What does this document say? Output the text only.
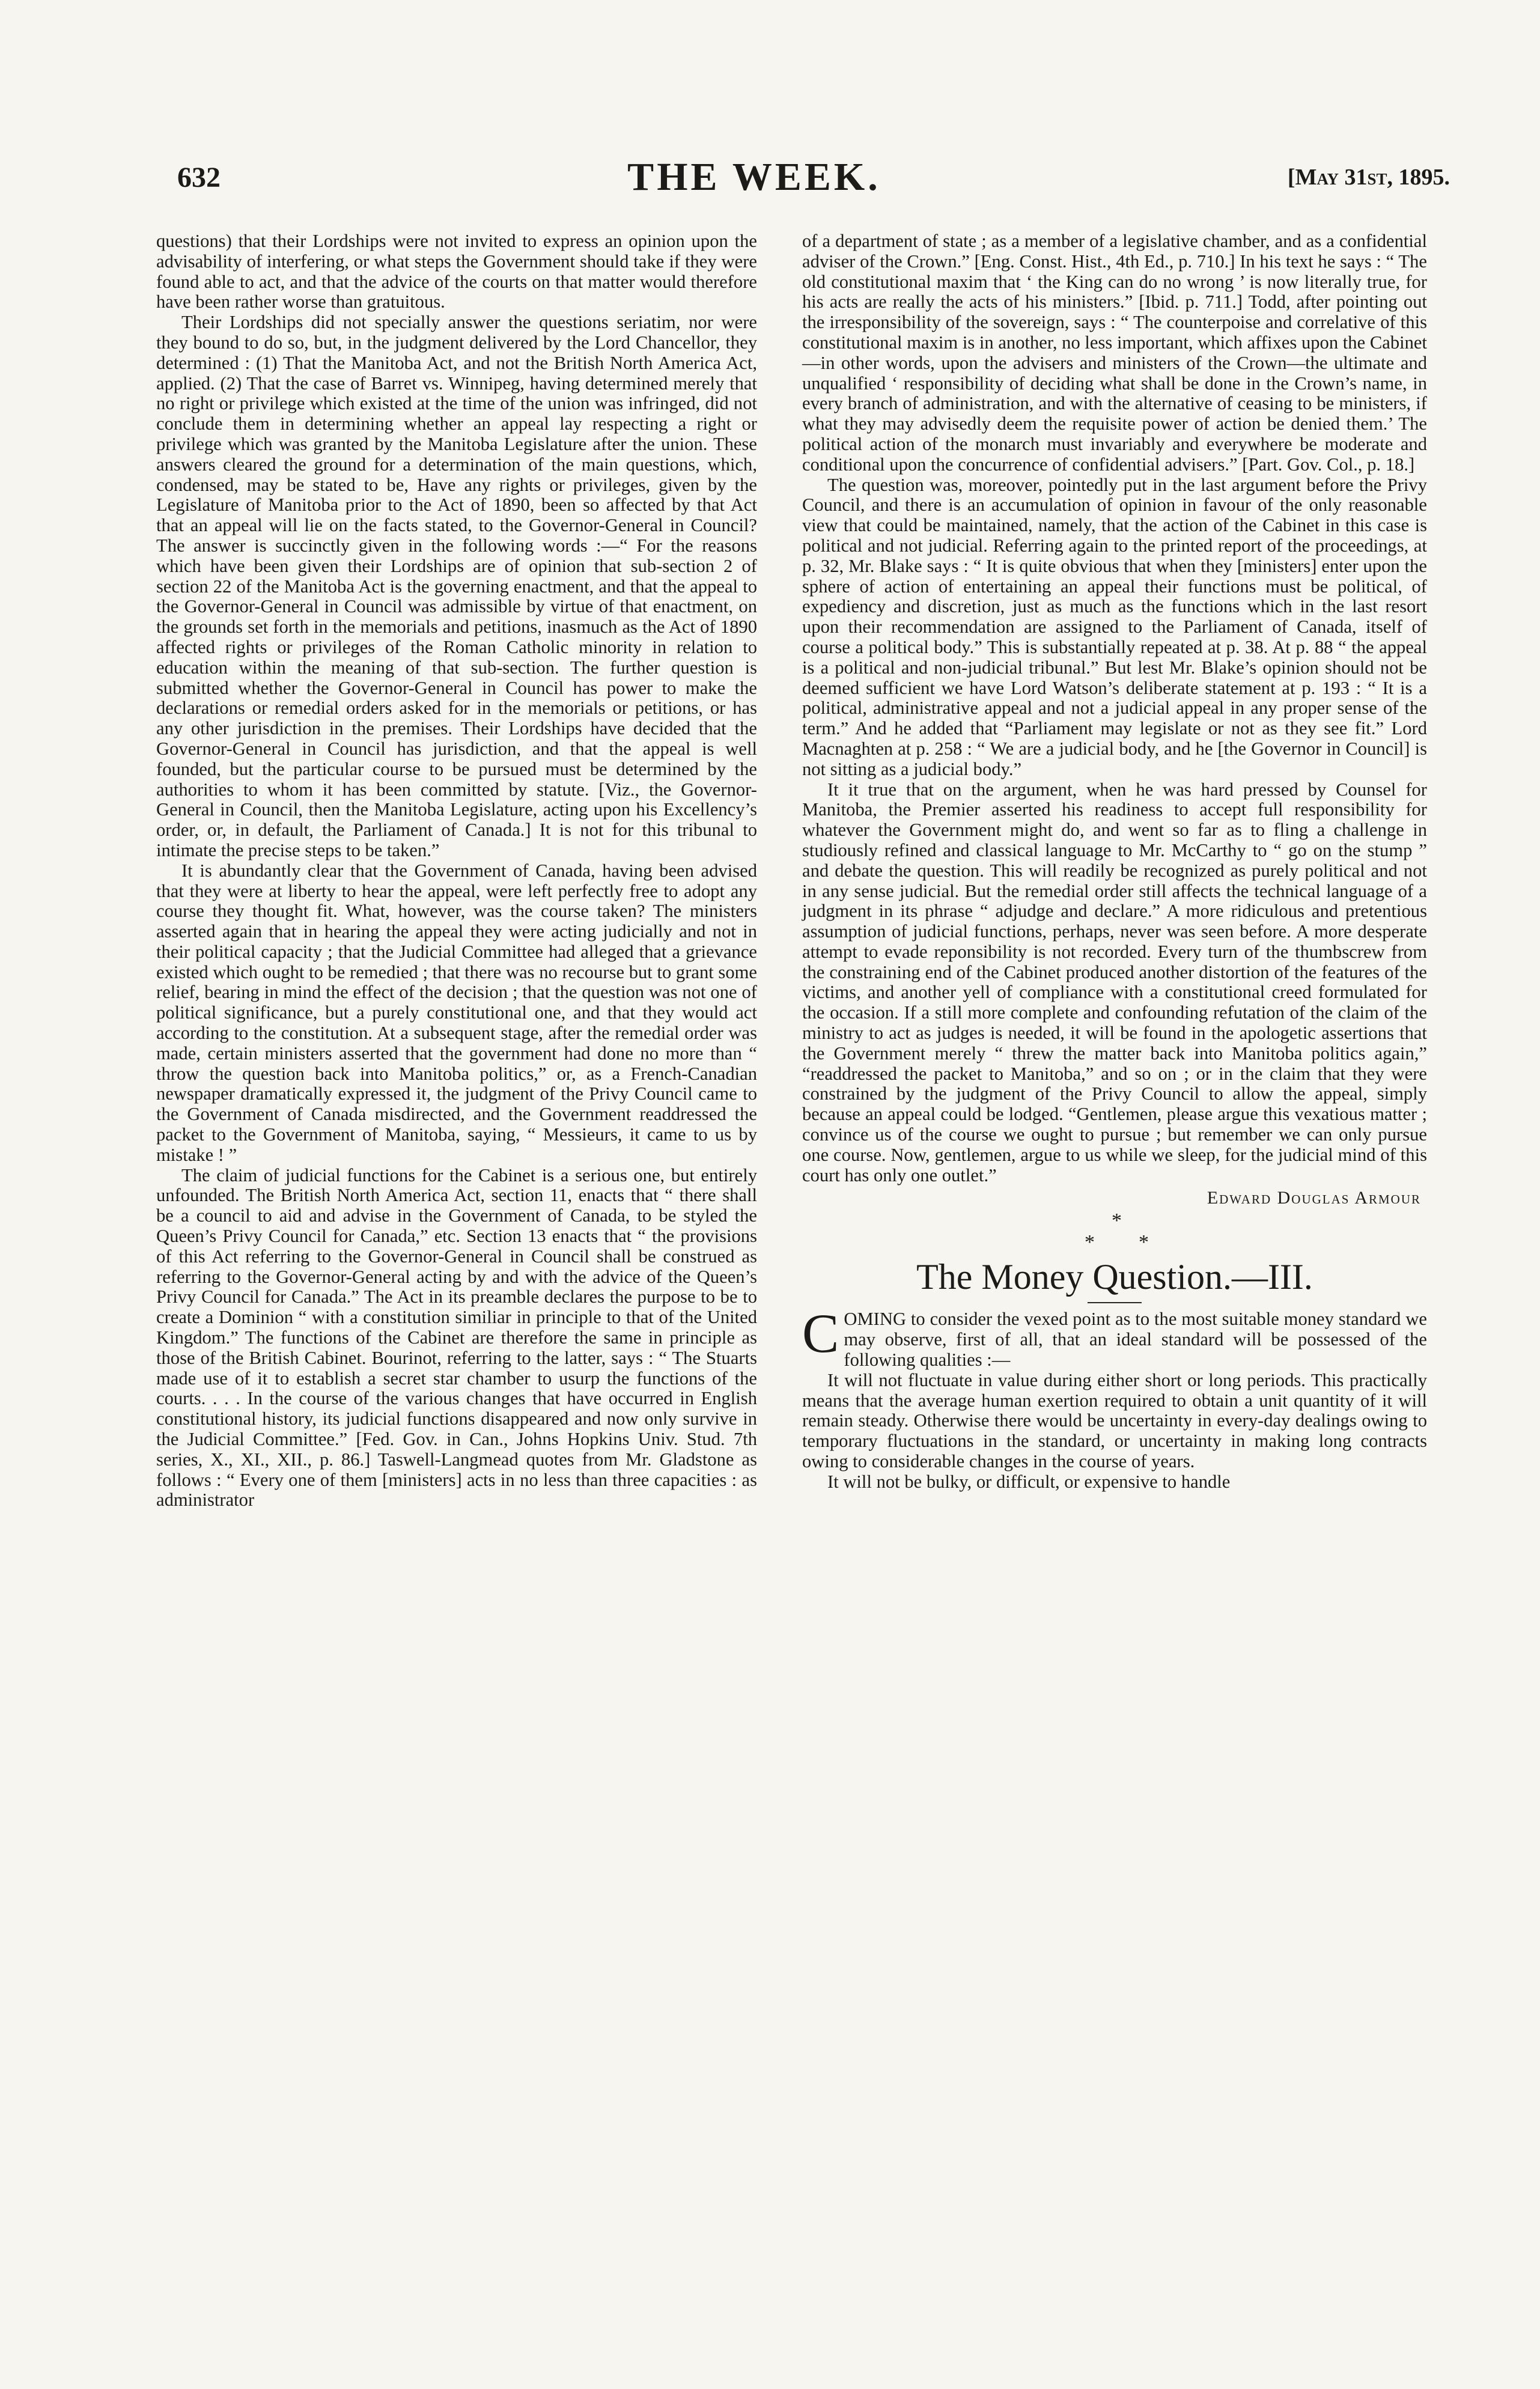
632	THE WEEK.	[May 31st, 1895.

questions) that their Lordships were not invited to express an opinion upon the advisability of interfering, or what steps the Government should take if they were found able to act, and that the advice of the courts on that matter would therefore have been rather worse than gratuitous.

Their Lordships did not specially answer the questions seriatim, nor were they bound to do so, but, in the judgment delivered by the Lord Chancellor, they determined : (1) That the Manitoba Act, and not the British North America Act, applied. (2) That the case of Barret vs. Winnipeg, having determined merely that no right or privilege which existed at the time of the union was infringed, did not conclude them in determining whether an appeal lay respecting a right or privilege which was granted by the Manitoba Legislature after the union. These answers cleared the ground for a determination of the main questions, which, condensed, may be stated to be, Have any rights or privileges, given by the Legislature of Manitoba prior to the Act of 1890, been so affected by that Act that an appeal will lie on the facts stated, to the Governor-General in Council? The answer is succinctly given in the following words :—“ For the reasons which have been given their Lordships are of opinion that sub-section 2 of section 22 of the Manitoba Act is the governing enactment, and that the appeal to the Governor-General in Council was admissible by virtue of that enactment, on the grounds set forth in the memorials and petitions, inasmuch as the Act of 1890 affected rights or privileges of the Roman Catholic minority in relation to education within the meaning of that sub-section. The further question is submitted whether the Governor-General in Council has power to make the declarations or remedial orders asked for in the memorials or petitions, or has any other jurisdiction in the premises. Their Lordships have decided that the Governor-General in Council has jurisdiction, and that the appeal is well founded, but the particular course to be pursued must be determined by the authorities to whom it has been committed by statute. [Viz., the Governor-General in Council, then the Manitoba Legislature, acting upon his Excellency’s order, or, in default, the Parliament of Canada.] It is not for this tribunal to intimate the precise steps to be taken.”

It is abundantly clear that the Government of Canada, having been advised that they were at liberty to hear the appeal, were left perfectly free to adopt any course they thought fit. What, however, was the course taken? The ministers asserted again that in hearing the appeal they were acting judicially and not in their political capacity ; that the Judicial Committee had alleged that a grievance existed which ought to be remedied ; that there was no recourse but to grant some relief, bearing in mind the effect of the decision ; that the question was not one of political significance, but a purely constitutional one, and that they would act according to the constitution. At a subsequent stage, after the remedial order was made, certain ministers asserted that the government had done no more than “ throw the question back into Manitoba politics,” or, as a French-Canadian newspaper dramatically expressed it, the judgment of the Privy Council came to the Government of Canada misdirected, and the Government readdressed the packet to the Government of Manitoba, saying, “ Messieurs, it came to us by mistake ! ”

The claim of judicial functions for the Cabinet is a serious one, but entirely unfounded. The British North America Act, section 11, enacts that “ there shall be a council to aid and advise in the Government of Canada, to be styled the Queen’s Privy Council for Canada,” etc. Section 13 enacts that “ the provisions of this Act referring to the Governor-General in Council shall be construed as referring to the Governor-General acting by and with the advice of the Queen’s Privy Council for Canada.” The Act in its preamble declares the purpose to be to create a Dominion “ with a constitution similiar in principle to that of the United Kingdom.” The functions of the Cabinet are therefore the same in principle as those of the British Cabinet. Bourinot, referring to the latter, says : “ The Stuarts made use of it to establish a secret star chamber to usurp the functions of the courts. . . . In the course of the various changes that have occurred in English constitutional history, its judicial functions disappeared and now only survive in the Judicial Committee.” [Fed. Gov. in Can., Johns Hopkins Univ. Stud. 7th series, X., XI., XII., p. 86.] Taswell-Langmead quotes from Mr. Gladstone as follows : “ Every one of them [ministers] acts in no less than three capacities : as administrator

of a department of state ; as a member of a legislative chamber, and as a confidential adviser of the Crown.” [Eng. Const. Hist., 4th Ed., p. 710.] In his text he says : “ The old constitutional maxim that ‘ the King can do no wrong ’ is now literally true, for his acts are really the acts of his ministers.” [Ibid. p. 711.] Todd, after pointing out the irresponsibility of the sovereign, says : “ The counterpoise and correlative of this constitutional maxim is in another, no less important, which affixes upon the Cabinet—in other words, upon the advisers and ministers of the Crown—the ultimate and unqualified ‘ responsibility of deciding what shall be done in the Crown’s name, in every branch of administration, and with the alternative of ceasing to be ministers, if what they may advisedly deem the requisite power of action be denied them.’ The political action of the monarch must invariably and everywhere be moderate and conditional upon the concurrence of confidential advisers.” [Part. Gov. Col., p. 18.]

The question was, moreover, pointedly put in the last argument before the Privy Council, and there is an accumulation of opinion in favour of the only reasonable view that could be maintained, namely, that the action of the Cabinet in this case is political and not judicial. Referring again to the printed report of the proceedings, at p. 32, Mr. Blake says : “ It is quite obvious that when they [ministers] enter upon the sphere of action of entertaining an appeal their functions must be political, of expediency and discretion, just as much as the functions which in the last resort upon their recommendation are assigned to the Parliament of Canada, itself of course a political body.” This is substantially repeated at p. 38. At p. 88 “ the appeal is a political and non-judicial tribunal.” But lest Mr. Blake’s opinion should not be deemed sufficient we have Lord Watson’s deliberate statement at p. 193 : “ It is a political, administrative appeal and not a judicial appeal in any proper sense of the term.” And he added that “Parliament may legislate or not as they see fit.” Lord Macnaghten at p. 258 : “ We are a judicial body, and he [the Governor in Council] is not sitting as a judicial body.”

It it true that on the argument, when he was hard pressed by Counsel for Manitoba, the Premier asserted his readiness to accept full responsibility for whatever the Government might do, and went so far as to fling a challenge in studiously refined and classical language to Mr. McCarthy to “ go on the stump ” and debate the question. This will readily be recognized as purely political and not in any sense judicial. But the remedial order still affects the technical language of a judgment in its phrase “ adjudge and declare.” A more ridiculous and pretentious assumption of judicial functions, perhaps, never was seen before. A more desperate attempt to evade reponsibility is not recorded. Every turn of the thumbscrew from the constraining end of the Cabinet produced another distortion of the features of the victims, and another yell of compliance with a constitutional creed formulated for the occasion. If a still more complete and confounding refutation of the claim of the ministry to act as judges is needed, it will be found in the apologetic assertions that the Government merely “ threw the matter back into Manitoba politics again,” “readdressed the packet to Manitoba,” and so on ; or in the claim that they were constrained by the judgment of the Privy Council to allow the appeal, simply because an appeal could be lodged. “Gentlemen, please argue this vexatious matter ; convince us of the course we ought to pursue ; but remember we can only pursue one course. Now, gentlemen, argue to us while we sleep, for the judicial mind of this court has only one outlet.”

Edward Douglas Armour
*
* *
The Money Question.—III.

COMING to consider the vexed point as to the most suitable money standard we may observe, first of all, that an ideal standard will be possessed of the following qualities :—

It will not fluctuate in value during either short or long periods. This practically means that the average human exertion required to obtain a unit quantity of it will remain steady. Otherwise there would be uncertainty in every-day dealings owing to temporary fluctuations in the standard, or uncertainty in making long contracts owing to considerable changes in the course of years.

It will not be bulky, or difficult, or expensive to handle
